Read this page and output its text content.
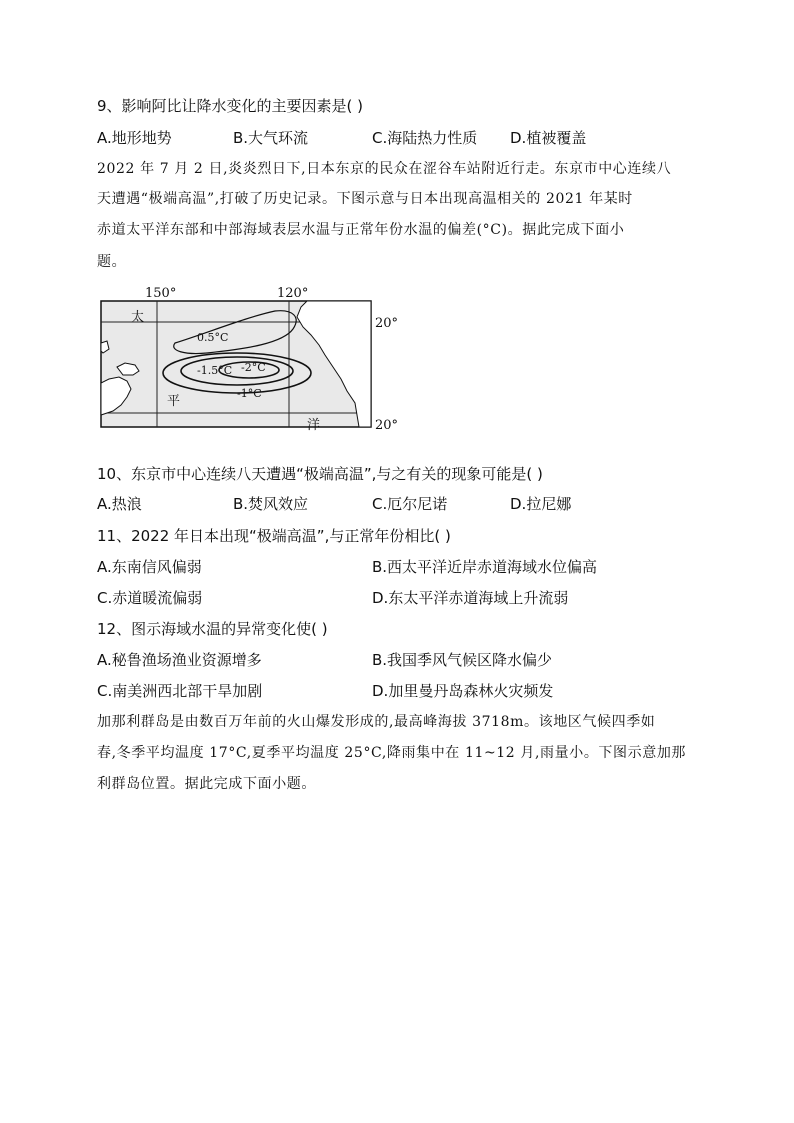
9、影响阿比让降水变化的主要因素是( )
A.地形地势	B.大气环流	C.海陆热力性质 D.植被覆盖
2022 年 7 月 2 日,炎炎烈日下,日本东京的民众在涩谷车站附近行走。东京市中心连续八
天遭遇“极端高温”,打破了历史记录。下图示意与日本出现高温相关的 2021 年某时
赤道太平洋东部和中部海域表层水温与正常年份水温的偏差(°C)。据此完成下面小
题。
150°	120°
20°
20°
0.5°C
-1.5°C -2°C
-1°C
太
平
洋
10、东京市中心连续八天遭遇“极端高温”,与之有关的现象可能是( )
A.热浪	B.焚风效应	C.厄尔尼诺	D.拉尼娜
11、2022 年日本出现“极端高温”,与正常年份相比( )
A.东南信风偏弱	B.西太平洋近岸赤道海域水位偏高
C.赤道暖流偏弱	D.东太平洋赤道海域上升流弱
12、图示海域水温的异常变化使( )
A.秘鲁渔场渔业资源增多	B.我国季风气候区降水偏少
C.南美洲西北部干旱加剧	D.加里曼丹岛森林火灾频发
加那利群岛是由数百万年前的火山爆发形成的,最高峰海拔 3718m。该地区气候四季如
春,冬季平均温度 17°C,夏季平均温度 25°C,降雨集中在 11~12 月,雨量小。下图示意加那
利群岛位置。据此完成下面小题。
